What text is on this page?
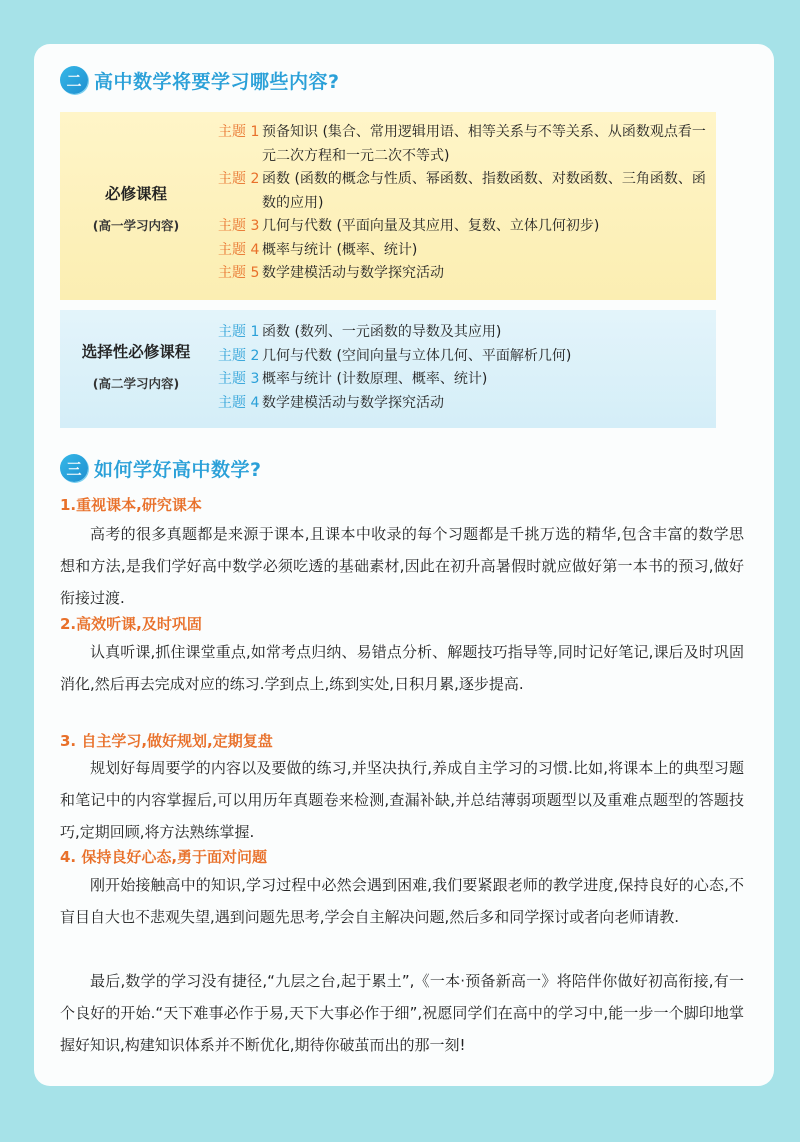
二 高中数学将要学习哪些内容?
必修课程
(高一学习内容)
主题 1 预备知识 (集合、常用逻辑用语、相等关系与不等关系、从函数观点看一元二次方程和一元二次不等式)
主题 2 函数 (函数的概念与性质、幂函数、指数函数、对数函数、三角函数、函数的应用)
主题 3 几何与代数 (平面向量及其应用、复数、立体几何初步)
主题 4 概率与统计 (概率、统计)
主题 5 数学建模活动与数学探究活动
选择性必修课程
(高二学习内容)
主题 1 函数 (数列、一元函数的导数及其应用)
主题 2 几何与代数 (空间向量与立体几何、平面解析几何)
主题 3 概率与统计 (计数原理、概率、统计)
主题 4 数学建模活动与数学探究活动
三 如何学好高中数学?
1.重视课本,研究课本
高考的很多真题都是来源于课本,且课本中收录的每个习题都是千挑万选的精华,包含丰富的数学思想和方法,是我们学好高中数学必须吃透的基础素材,因此在初升高暑假时就应做好第一本书的预习,做好衔接过渡.
2.高效听课,及时巩固
认真听课,抓住课堂重点,如常考点归纳、易错点分析、解题技巧指导等,同时记好笔记,课后及时巩固消化,然后再去完成对应的练习.学到点上,练到实处,日积月累,逐步提高.
3. 自主学习,做好规划,定期复盘
规划好每周要学的内容以及要做的练习,并坚决执行,养成自主学习的习惯.比如,将课本上的典型习题和笔记中的内容掌握后,可以用历年真题卷来检测,查漏补缺,并总结薄弱项题型以及重难点题型的答题技巧,定期回顾,将方法熟练掌握.
4. 保持良好心态,勇于面对问题
刚开始接触高中的知识,学习过程中必然会遇到困难,我们要紧跟老师的教学进度,保持良好的心态,不盲目自大也不悲观失望,遇到问题先思考,学会自主解决问题,然后多和同学探讨或者向老师请教.
最后,数学的学习没有捷径,“九层之台,起于累土”,《一本·预备新高一》将陪伴你做好初高衔接,有一个良好的开始.“天下难事必作于易,天下大事必作于细”,祝愿同学们在高中的学习中,能一步一个脚印地掌握好知识,构建知识体系并不断优化,期待你破茧而出的那一刻!
